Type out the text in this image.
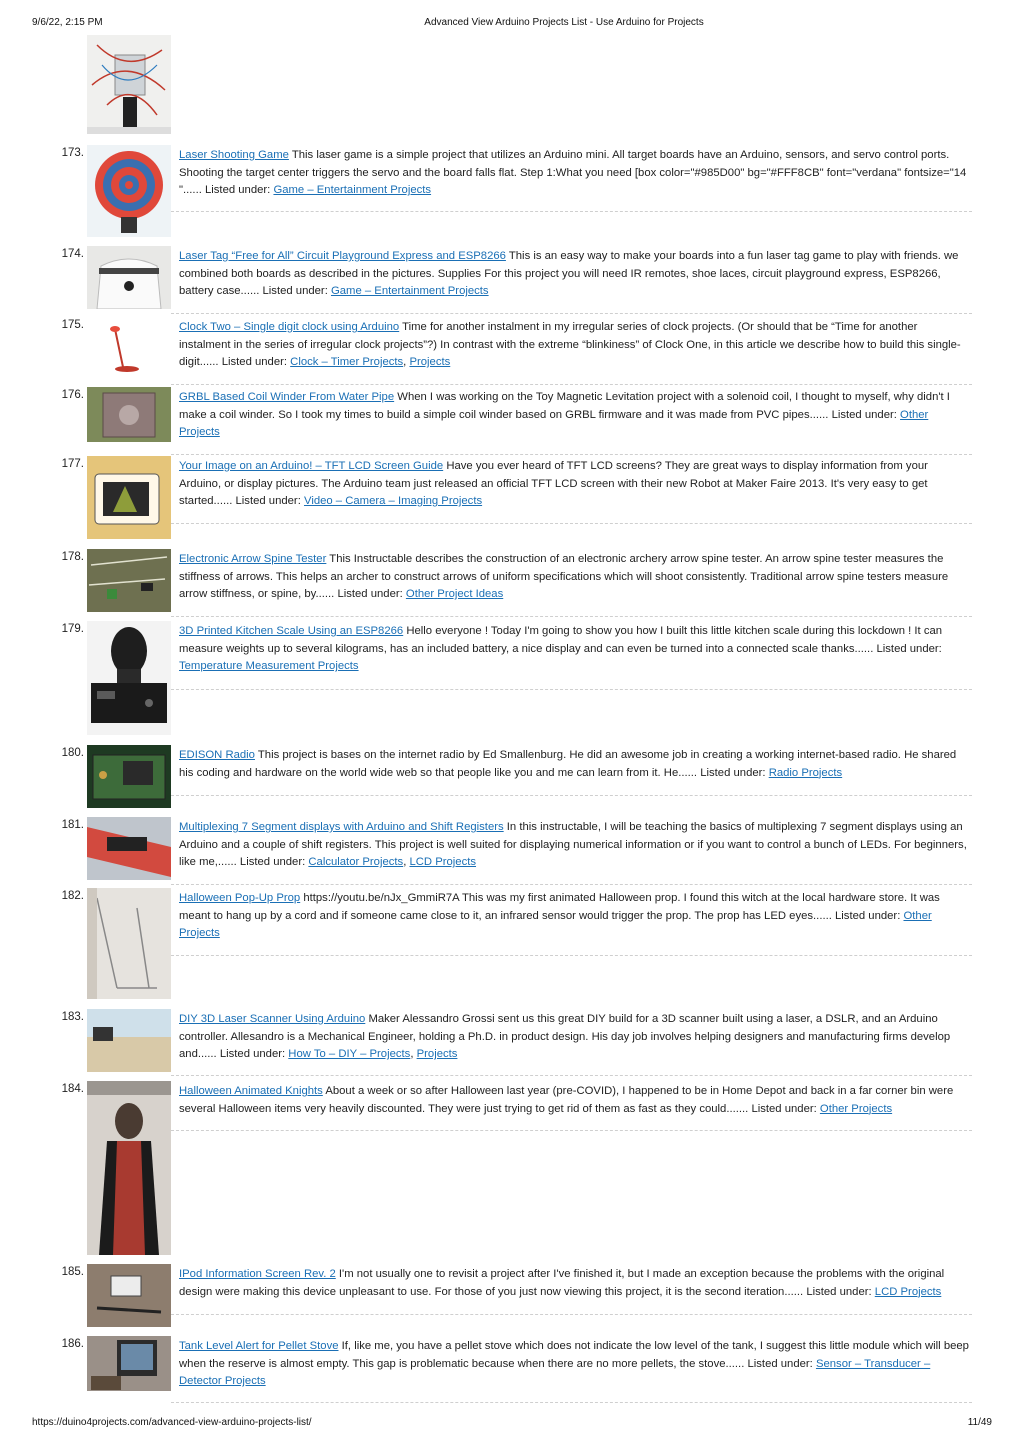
9/6/22, 2:15 PM	Advanced View Arduino Projects List - Use Arduino for Projects
173.	Laser Shooting Game This laser game is a simple project that utilizes an Arduino mini. All target boards have an Arduino, sensors, and servo control ports. Shooting the target center triggers the servo and the board falls flat. Step 1:What you need [box color="#985D00" bg="#FFF8CB" font="verdana" fontsize="14 "...... Listed under: Game – Entertainment Projects
174.	Laser Tag “Free for All” Circuit Playground Express and ESP8266 This is an easy way to make your boards into a fun laser tag game to play with friends. we combined both boards as described in the pictures. Supplies For this project you will need IR remotes, shoe laces, circuit playground express, ESP8266, battery case...... Listed under: Game – Entertainment Projects
175.	Clock Two – Single digit clock using Arduino Time for another instalment in my irregular series of clock projects. (Or should that be “Time for another instalment in the series of irregular clock projects”?) In contrast with the extreme “blinkiness” of Clock One, in this article we describe how to build this single-digit...... Listed under: Clock – Timer Projects, Projects
176.	GRBL Based Coil Winder From Water Pipe When I was working on the Toy Magnetic Levitation project with a solenoid coil, I thought to myself, why didn't I make a coil winder. So I took my times to build a simple coil winder based on GRBL firmware and it was made from PVC pipes...... Listed under: Other Projects
177.	Your Image on an Arduino! – TFT LCD Screen Guide Have you ever heard of TFT LCD screens? They are great ways to display information from your Arduino, or display pictures. The Arduino team just released an official TFT LCD screen with their new Robot at Maker Faire 2013. It's very easy to get started...... Listed under: Video – Camera – Imaging Projects
178.	Electronic Arrow Spine Tester This Instructable describes the construction of an electronic archery arrow spine tester. An arrow spine tester measures the stiffness of arrows. This helps an archer to construct arrows of uniform specifications which will shoot consistently. Traditional arrow spine testers measure arrow stiffness, or spine, by...... Listed under: Other Project Ideas
179.	3D Printed Kitchen Scale Using an ESP8266 Hello everyone ! Today I'm going to show you how I built this little kitchen scale during this lockdown ! It can measure weights up to several kilograms, has an included battery, a nice display and can even be turned into a connected scale thanks...... Listed under: Temperature Measurement Projects
180.	EDISON Radio This project is bases on the internet radio by Ed Smallenburg. He did an awesome job in creating a working internet-based radio. He shared his coding and hardware on the world wide web so that people like you and me can learn from it. He...... Listed under: Radio Projects
181.	Multiplexing 7 Segment displays with Arduino and Shift Registers In this instructable, I will be teaching the basics of multiplexing 7 segment displays using an Arduino and a couple of shift registers. This project is well suited for displaying numerical information or if you want to control a bunch of LEDs. For beginners, like me,...... Listed under: Calculator Projects, LCD Projects
182.	Halloween Pop-Up Prop https://youtu.be/nJx_GmmiR7A This was my first animated Halloween prop. I found this witch at the local hardware store. It was meant to hang up by a cord and if someone came close to it, an infrared sensor would trigger the prop. The prop has LED eyes...... Listed under: Other Projects
183.	DIY 3D Laser Scanner Using Arduino Maker Alessandro Grossi sent us this great DIY build for a 3D scanner built using a laser, a DSLR, and an Arduino controller. Allesandro is a Mechanical Engineer, holding a Ph.D. in product design. His day job involves helping designers and manufacturing firms develop and...... Listed under: How To – DIY – Projects, Projects
184.	Halloween Animated Knights About a week or so after Halloween last year (pre-COVID), I happened to be in Home Depot and back in a far corner bin were several Halloween items very heavily discounted. They were just trying to get rid of them as fast as they could....... Listed under: Other Projects
185.	IPod Information Screen Rev. 2 I'm not usually one to revisit a project after I've finished it, but I made an exception because the problems with the original design were making this device unpleasant to use. For those of you just now viewing this project, it is the second iteration...... Listed under: LCD Projects
186.	Tank Level Alert for Pellet Stove If, like me, you have a pellet stove which does not indicate the low level of the tank, I suggest this little module which will beep when the reserve is almost empty. This gap is problematic because when there are no more pellets, the stove...... Listed under: Sensor – Transducer – Detector Projects
https://duino4projects.com/advanced-view-arduino-projects-list/	11/49
